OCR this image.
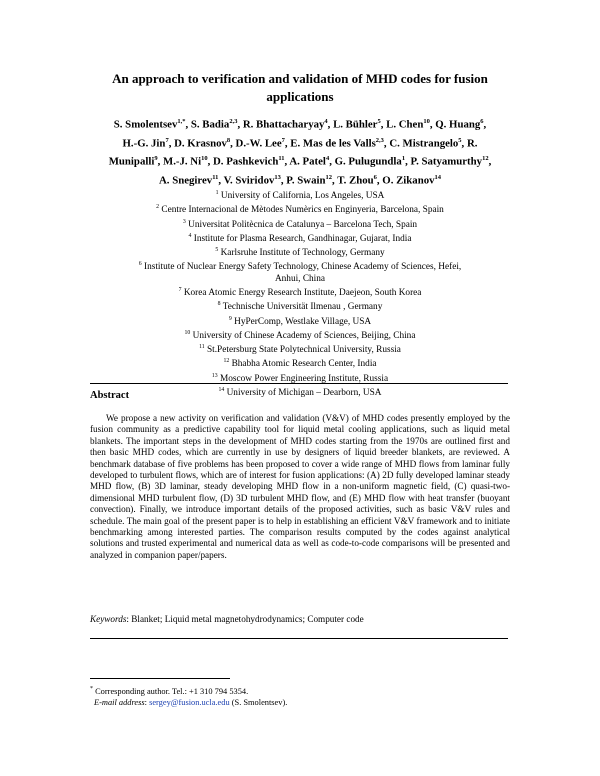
An approach to verification and validation of MHD codes for fusion
applications
S. Smolentsev$^{1,*}$, S. Badia$^{2,3}$, R. Bhattacharyay$^4$, L. Bühler$^5$, L. Chen$^{10}$, Q. Huang$^6$,
H.-G. Jin$^7$, D. Krasnov$^8$, D.-W. Lee$^7$, E. Mas de les Valls$^{2,3}$, C. Mistrangelo$^5$, R.
Munipalli$^9$, M.-J. Ni$^{10}$, D. Pashkevich$^{11}$, A. Patel$^4$, G. Pulugundla$^1$, P. Satyamurthy$^{12}$,
A. Snegirev$^{11}$, V. Sviridov$^{13}$, P. Swain$^{12}$, T. Zhou$^6$, O. Zikanov$^{14}$
$^1$ University of California, Los Angeles, USA
$^2$ Centre Internacional de Mètodes Numèrics en Enginyeria, Barcelona, Spain
$^3$ Universitat Politècnica de Catalunya – Barcelona Tech, Spain
$^4$ Institute for Plasma Research, Gandhinagar, Gujarat, India
$^5$ Karlsruhe Institute of Technology, Germany
$^6$ Institute of Nuclear Energy Safety Technology, Chinese Academy of Sciences, Hefei,
Anhui, China
$^7$ Korea Atomic Energy Research Institute, Daejeon, South Korea
$^8$ Technische Universität Ilmenau , Germany
$^9$ HyPerComp, Westlake Village, USA
$^{10}$ University of Chinese Academy of Sciences, Beijing, China
$^{11}$ St.Petersburg State Polytechnical University, Russia
$^{12}$ Bhabha Atomic Research Center, India
$^{13}$ Moscow Power Engineering Institute, Russia
$^{14}$ University of Michigan – Dearborn, USA
Abstract

We propose a new activity on verification and validation (V&V) of MHD codes presently employed by the fusion community as a predictive capability tool for liquid metal cooling applications, such as liquid metal blankets. The important steps in the development of MHD codes starting from the 1970s are outlined first and then basic MHD codes, which are currently in use by designers of liquid breeder blankets, are reviewed. A benchmark database of five problems has been proposed to cover a wide range of MHD flows from laminar fully developed to turbulent flows, which are of interest for fusion applications: (A) 2D fully developed laminar steady MHD flow, (B) 3D laminar, steady developing MHD flow in a non-uniform magnetic field, (C) quasi-two-dimensional MHD turbulent flow, (D) 3D turbulent MHD flow, and (E) MHD flow with heat transfer (buoyant convection). Finally, we introduce important details of the proposed activities, such as basic V&V rules and schedule. The main goal of the present paper is to help in establishing an efficient V&V framework and to initiate benchmarking among interested parties. The comparison results computed by the codes against analytical solutions and trusted experimental and numerical data as well as code-to-code comparisons will be presented and analyzed in companion paper/papers.

Keywords: Blanket; Liquid metal magnetohydrodynamics; Computer code
* Corresponding author. Tel.: +1 310 794 5354.
E-mail address: sergey@fusion.ucla.edu (S. Smolentsev).
